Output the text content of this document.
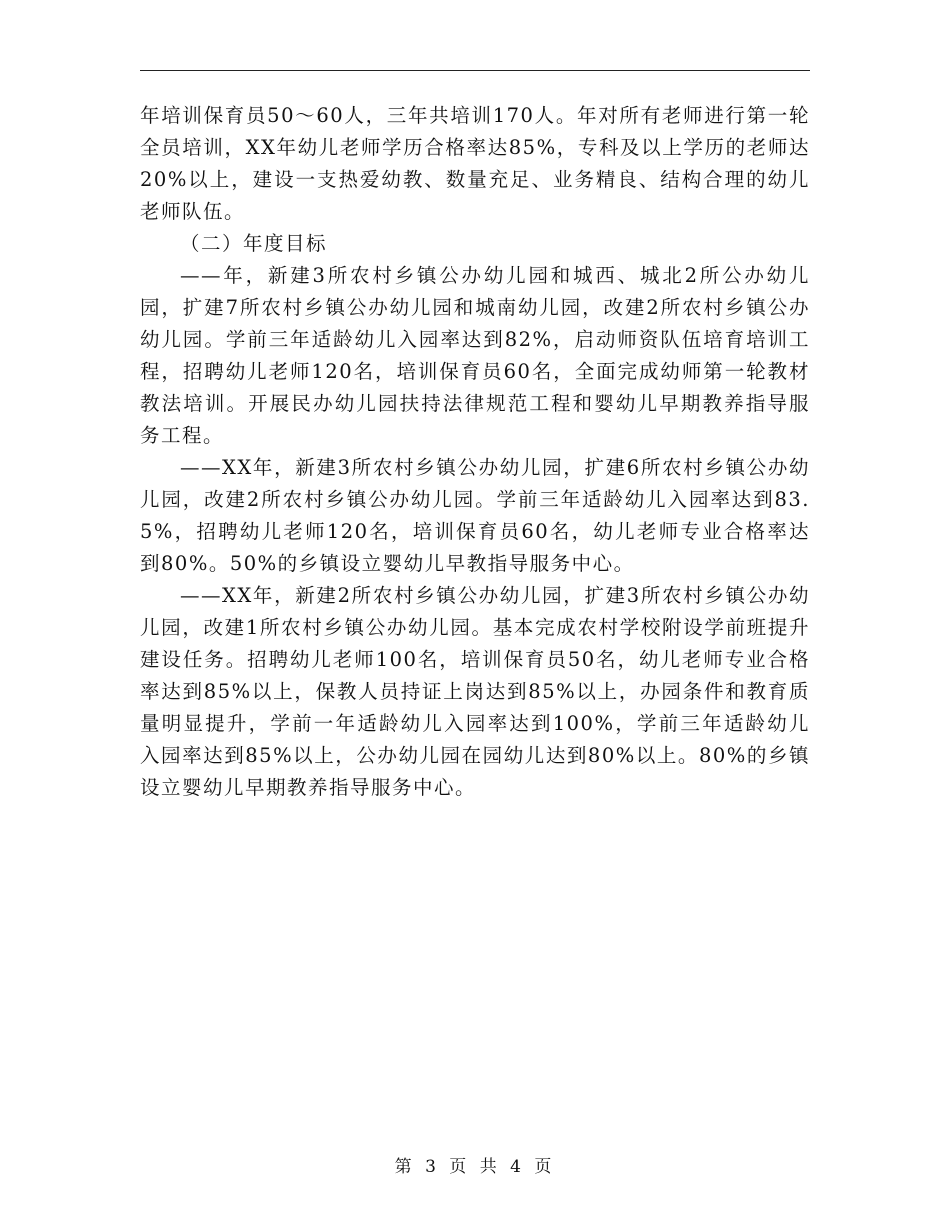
年培训保育员50～60人，三年共培训170人。年对所有老师进行第一轮全员培训，XX年幼儿老师学历合格率达85%，专科及以上学历的老师达20%以上，建设一支热爱幼教、数量充足、业务精良、结构合理的幼儿老师队伍。

（二）年度目标

——年，新建3所农村乡镇公办幼儿园和城西、城北2所公办幼儿园，扩建7所农村乡镇公办幼儿园和城南幼儿园，改建2所农村乡镇公办幼儿园。学前三年适龄幼儿入园率达到82%，启动师资队伍培育培训工程，招聘幼儿老师120名，培训保育员60名，全面完成幼师第一轮教材教法培训。开展民办幼儿园扶持法律规范工程和婴幼儿早期教养指导服务工程。

——XX年，新建3所农村乡镇公办幼儿园，扩建6所农村乡镇公办幼儿园，改建2所农村乡镇公办幼儿园。学前三年适龄幼儿入园率达到83.5%，招聘幼儿老师120名，培训保育员60名，幼儿老师专业合格率达到80%。50%的乡镇设立婴幼儿早教指导服务中心。

——XX年，新建2所农村乡镇公办幼儿园，扩建3所农村乡镇公办幼儿园，改建1所农村乡镇公办幼儿园。基本完成农村学校附设学前班提升建设任务。招聘幼儿老师100名，培训保育员50名，幼儿老师专业合格率达到85%以上，保教人员持证上岗达到85%以上，办园条件和教育质量明显提升，学前一年适龄幼儿入园率达到100%，学前三年适龄幼儿入园率达到85%以上，公办幼儿园在园幼儿达到80%以上。80%的乡镇设立婴幼儿早期教养指导服务中心。

第 3 页 共 4 页
